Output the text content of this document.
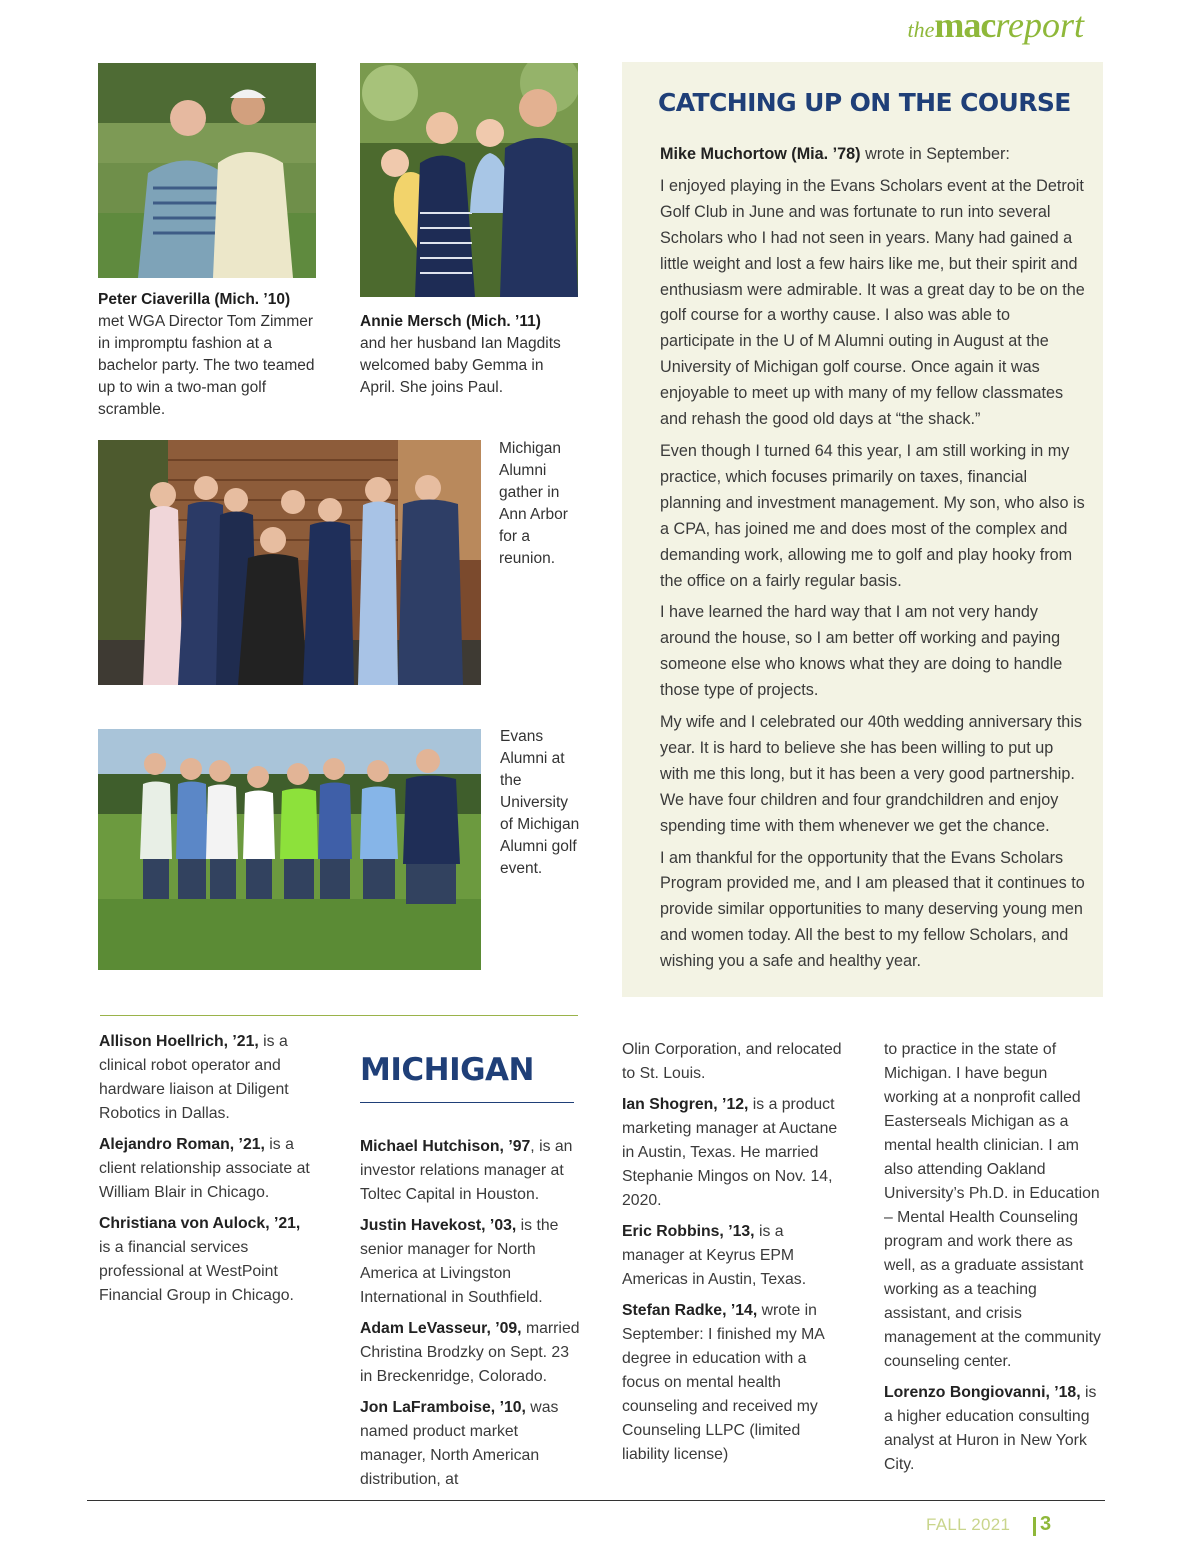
themacreport
Peter Ciaverilla (Mich. ’10)
met WGA Director Tom Zimmer in impromptu fashion at a bachelor party. The two teamed up to win a two-man golf scramble.
Annie Mersch (Mich. ’11)
and her husband Ian Magdits welcomed baby Gemma in April. She joins Paul.
Michigan Alumni gather in Ann Arbor for a reunion.
Evans Alumni at the University of Michigan Alumni golf event.
CATCHING UP ON THE COURSE

Mike Muchortow (Mia. ’78) wrote in September:

I enjoyed playing in the Evans Scholars event at the Detroit Golf Club in June and was fortunate to run into several Scholars who I had not seen in years. Many had gained a little weight and lost a few hairs like me, but their spirit and enthusiasm were admirable. It was a great day to be on the golf course for a worthy cause. I also was able to participate in the U of M Alumni outing in August at the University of Michigan golf course. Once again it was enjoyable to meet up with many of my fellow classmates and rehash the good old days at “the shack.”

Even though I turned 64 this year, I am still working in my practice, which focuses primarily on taxes, financial planning and investment management. My son, who also is a CPA, has joined me and does most of the complex and demanding work, allowing me to golf and play hooky from the office on a fairly regular basis.

I have learned the hard way that I am not very handy around the house, so I am better off working and paying someone else who knows what they are doing to handle those type of projects.

My wife and I celebrated our 40th wedding anniversary this year. It is hard to believe she has been willing to put up with me this long, but it has been a very good partnership. We have four children and four grandchildren and enjoy spending time with them whenever we get the chance.

I am thankful for the opportunity that the Evans Scholars Program provided me, and I am pleased that it continues to provide similar opportunities to many deserving young men and women today. All the best to my fellow Scholars, and wishing you a safe and healthy year.

Allison Hoellrich, ’21, is a clinical robot operator and hardware liaison at Diligent Robotics in Dallas.

Alejandro Roman, ’21, is a client relationship associate at William Blair in Chicago.

Christiana von Aulock, ’21, is a financial services professional at WestPoint Financial Group in Chicago.

MICHIGAN

Michael Hutchison, ’97, is an investor relations manager at Toltec Capital in Houston.

Justin Havekost, ’03, is the senior manager for North America at Livingston International in Southfield.

Adam LeVasseur, ’09, married Christina Brodzky on Sept. 23 in Breckenridge, Colorado.

Jon LaFramboise, ’10, was named product market manager, North American distribution, at

Olin Corporation, and relocated to St. Louis.

Ian Shogren, ’12, is a product marketing manager at Auctane in Austin, Texas. He married Stephanie Mingos on Nov. 14, 2020.

Eric Robbins, ’13, is a manager at Keyrus EPM Americas in Austin, Texas.

Stefan Radke, ’14, wrote in September: I finished my MA degree in education with a focus on mental health counseling and received my Counseling LLPC (limited liability license)

to practice in the state of Michigan. I have begun working at a nonprofit called Easterseals Michigan as a mental health clinician. I am also attending Oakland University’s Ph.D. in Education – Mental Health Counseling program and work there as well, as a graduate assistant working as a teaching assistant, and crisis management at the community counseling center.

Lorenzo Bongiovanni, ’18, is a higher education consulting analyst at Huron in New York City.

FALL 2021 3
